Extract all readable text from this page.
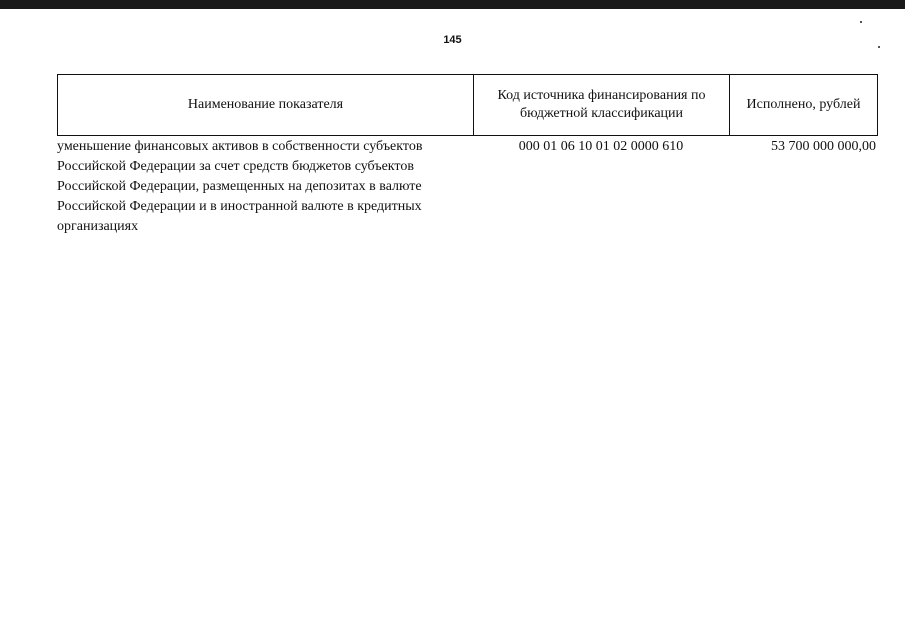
145
Наименование показателя
Код источника финансирования по бюджетной классификации
Исполнено, рублей
уменьшение финансовых активов в собственности субъектов Российской Федерации за счет средств бюджетов субъектов Российской Федерации, размещенных на депозитах в валюте Российской Федерации и в иностранной валюте в кредитных организациях
000 01 06 10 01 02 0000 610	53 700 000 000,00
